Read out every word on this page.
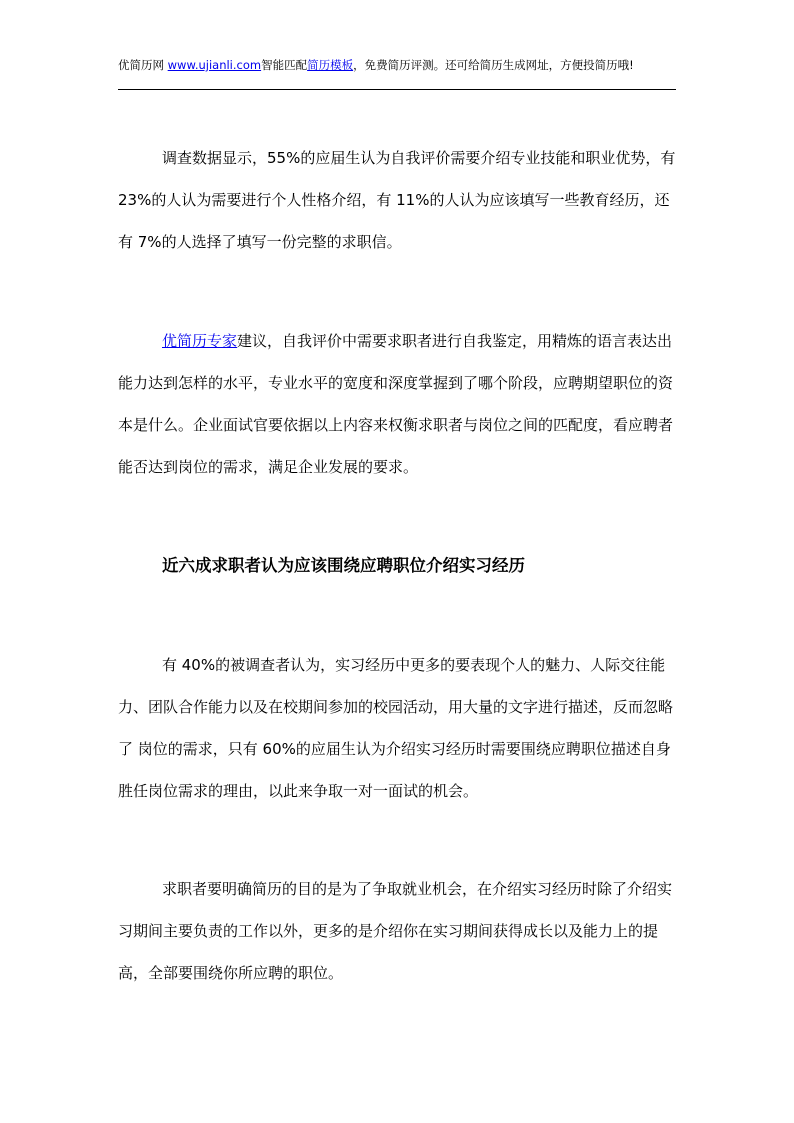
优简历网 www.ujianli.com智能匹配简历模板，免费简历评测。还可给简历生成网址，方便投简历哦!

调查数据显示，55%的应届生认为自我评价需要介绍专业技能和职业优势，有 23%的人认为需要进行个人性格介绍，有 11%的人认为应该填写一些教育经历，还有 7%的人选择了填写一份完整的求职信。

优简历专家建议，自我评价中需要求职者进行自我鉴定，用精炼的语言表达出能力达到怎样的水平，专业水平的宽度和深度掌握到了哪个阶段，应聘期望职位的资本是什么。企业面试官要依据以上内容来权衡求职者与岗位之间的匹配度，看应聘者能否达到岗位的需求，满足企业发展的要求。

近六成求职者认为应该围绕应聘职位介绍实习经历

有 40%的被调查者认为，实习经历中更多的要表现个人的魅力、人际交往能力、团队合作能力以及在校期间参加的校园活动，用大量的文字进行描述，反而忽略了 岗位的需求，只有 60%的应届生认为介绍实习经历时需要围绕应聘职位描述自身胜任岗位需求的理由，以此来争取一对一面试的机会。

求职者要明确简历的目的是为了争取就业机会，在介绍实习经历时除了介绍实习期间主要负责的工作以外，更多的是介绍你在实习期间获得成长以及能力上的提高，全部要围绕你所应聘的职位。
